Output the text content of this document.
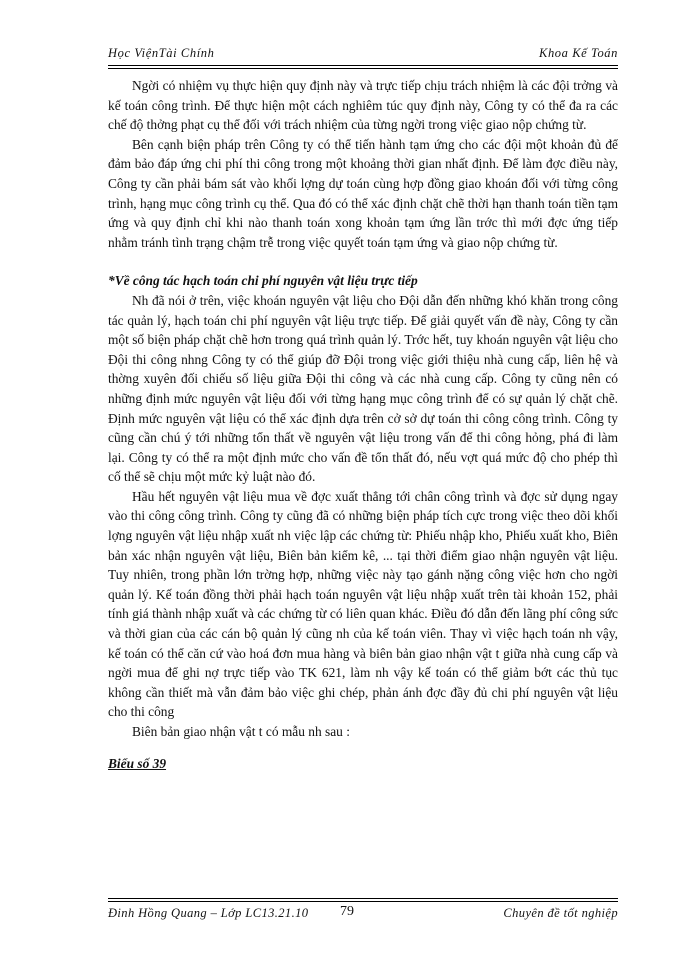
Học ViệnTài Chính	Khoa Kế Toán

Ngời có nhiệm vụ thực hiện quy định này và trực tiếp chịu trách nhiệm là các đội trởng và kế toán công trình. Để thực hiện một cách nghiêm túc quy định này, Công ty có thể đa ra các chế độ thởng phạt cụ thể đối với trách nhiệm của từng ngời trong việc giao nộp chứng từ.

Bên cạnh biện pháp trên Công ty có thể tiến hành tạm ứng cho các đội một khoản đủ để đảm bảo đáp ứng chi phí thi công trong một khoảng thời gian nhất định. Để làm đợc điều này, Công ty cần phải bám sát vào khối lợng dự toán cùng hợp đồng giao khoán đối với từng công trình, hạng mục công trình cụ thể. Qua đó có thể xác định chặt chẽ thời hạn thanh toán tiền tạm ứng và quy định chỉ khi nào thanh toán xong khoản tạm ứng lần trớc thì mới đợc ứng tiếp nhằm tránh tình trạng chậm trễ trong việc quyết toán tạm ứng và giao nộp chứng từ.

*Về công tác hạch toán chi phí nguyên vật liệu trực tiếp

Nh đã nói ở trên, việc khoán nguyên vật liệu cho Đội dẫn đến những khó khăn trong công tác quản lý, hạch toán chi phí nguyên vật liệu trực tiếp. Để giải quyết vấn đề này, Công ty cần một số biện pháp chặt chẽ hơn trong quá trình quản lý. Trớc hết, tuy khoán nguyên vật liệu cho Đội thi công nhng Công ty có thể giúp đỡ Đội trong việc giới thiệu nhà cung cấp, liên hệ và thờng xuyên đối chiếu số liệu giữa Đội thi công và các nhà cung cấp. Công ty cũng nên có những định mức nguyên vật liệu đối với từng hạng mục công trình để có sự quản lý chặt chẽ. Định mức nguyên vật liệu có thể xác định dựa trên cở sở dự toán thi công công trình. Công ty cũng cần chú ý tới những tổn thất về nguyên vật liệu trong vấn để thi công hỏng, phá đi làm lại. Công ty có thể ra một định mức cho vấn đề tổn thất đó, nếu vợt quá mức độ cho phép thì cố thể sẽ chịu một mức kỷ luật nào đó.

Hầu hết nguyên vật liệu mua về đợc xuất thẳng tới chân công trình và đợc sử dụng ngay vào thi công công trình. Công ty cũng đã có những biện pháp tích cực trong việc theo dõi khối lợng nguyên vật liệu nhập xuất nh việc lập các chứng từ: Phiếu nhập kho, Phiếu xuất kho, Biên bản xác nhận nguyên vật liệu, Biên bản kiểm kê, ... tại thời điểm giao nhận nguyên vật liệu. Tuy nhiên, trong phần lớn trờng hợp, những việc này tạo gánh nặng công việc hơn cho ngời quản lý. Kế toán đồng thời phải hạch toán nguyên vật liệu nhập xuất trên tài khoản 152, phải tính giá thành nhập xuất và các chứng từ có liên quan khác. Điều đó dẫn đến lãng phí công sức và thời gian của các cán bộ quản lý cũng nh của kế toán viên. Thay vì việc hạch toán nh vậy, kế toán có thể căn cứ vào hoá đơn mua hàng và biên bản giao nhận vật t giữa nhà cung cấp và ngời mua để ghi nợ trực tiếp vào TK 621, làm nh vậy kế toán có thể giảm bớt các thủ tục không cần thiết mà vẫn đảm bảo việc ghi chép, phản ánh đợc đầy đủ chi phí nguyên vật liệu cho thi công

Biên bản giao nhận vật t có mẫu nh sau :

Biểu số 39
Đinh Hồng Quang – Lớp LC13.21.10 79	Chuyên đề tốt nghiệp
